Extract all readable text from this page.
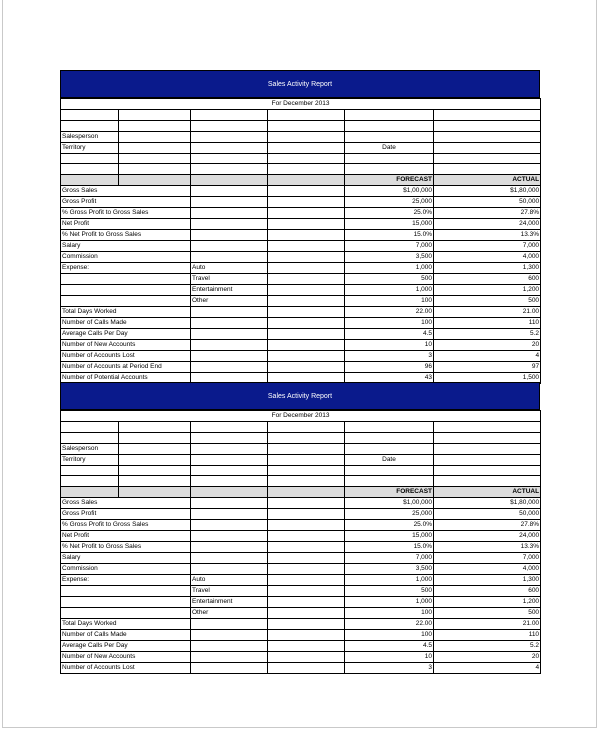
Sales Activity Report
For December 2013					

Salesperson					
Territory				Date	

				FORECAST	ACTUAL
Gross Sales				$1,00,000	$1,80,000
Gross Profit				25,000	50,000
% Gross Profit to Gross Sales				25.0%	27.8%
Net Profit				15,000	24,000
% Net Profit to Gross Sales				15.0%	13.3%
Salary				7,000	7,000
Commission				3,500	4,000
Expense:		Auto		1,000	1,300
		Travel		500	600
		Entertainment		1,000	1,200
		Other		100	500
Total Days Worked				22.00	21.00
Number of Calls Made				100	110
Average Calls Per Day				4.5	5.2
Number of New Accounts				10	20
Number of Accounts Lost				3	4
Number of Accounts at Period End				96	97
Number of Potential Accounts				43	1,500
Sales Activity Report
For December 2013					

Salesperson					
Territory				Date	

				FORECAST	ACTUAL
Gross Sales				$1,00,000	$1,80,000
Gross Profit				25,000	50,000
% Gross Profit to Gross Sales				25.0%	27.8%
Net Profit				15,000	24,000
% Net Profit to Gross Sales				15.0%	13.3%
Salary				7,000	7,000
Commission				3,500	4,000
Expense:		Auto		1,000	1,300
		Travel		500	600
		Entertainment		1,000	1,200
		Other		100	500
Total Days Worked				22.00	21.00
Number of Calls Made				100	110
Average Calls Per Day				4.5	5.2
Number of New Accounts				10	20
Number of Accounts Lost				3	4
